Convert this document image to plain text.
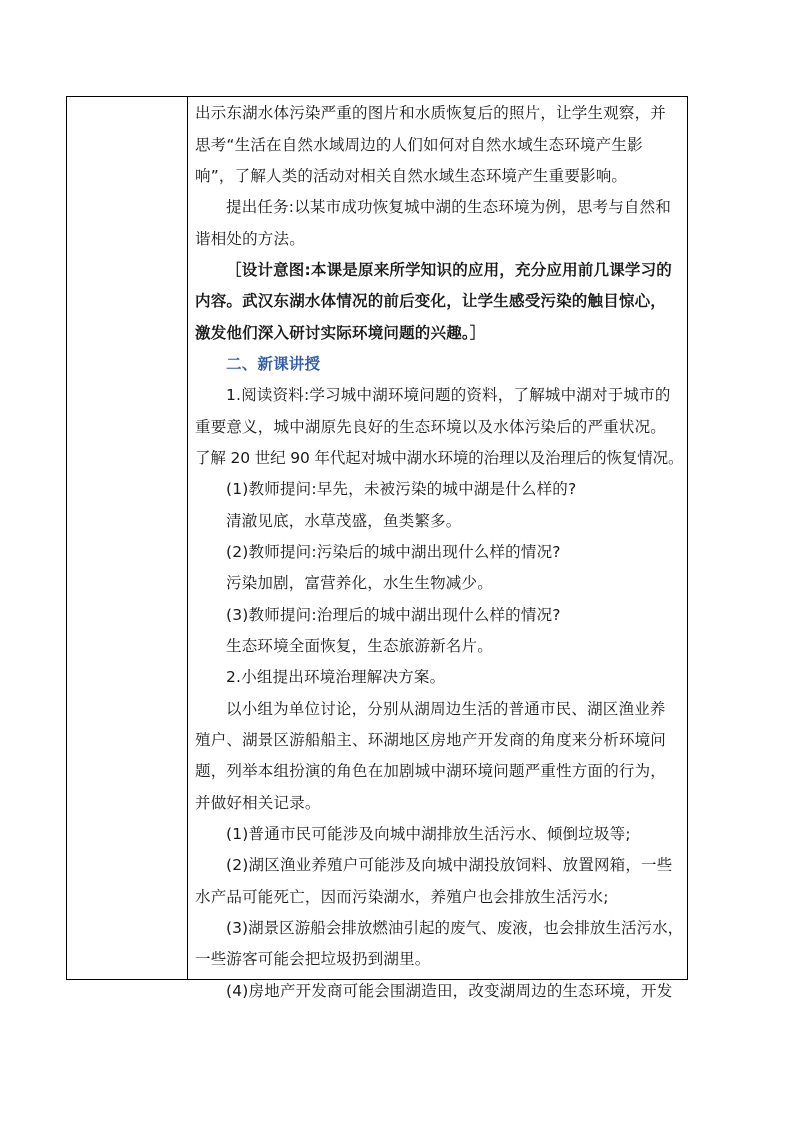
出示东湖水体污染严重的图片和水质恢复后的照片，让学生观察，并
思考“生活在自然水域周边的人们如何对自然水域生态环境产生影
响”，了解人类的活动对相关自然水域生态环境产生重要影响。
提出任务:以某市成功恢复城中湖的生态环境为例，思考与自然和
谐相处的方法。
［设计意图:本课是原来所学知识的应用，充分应用前几课学习的
内容。武汉东湖水体情况的前后变化，让学生感受污染的触目惊心，
激发他们深入研讨实际环境问题的兴趣。］
二、新课讲授
1.阅读资料:学习城中湖环境问题的资料，了解城中湖对于城市的
重要意义，城中湖原先良好的生态环境以及水体污染后的严重状况。
了解 20 世纪 90 年代起对城中湖水环境的治理以及治理后的恢复情况。
(1)教师提问:早先，未被污染的城中湖是什么样的?
清澈见底，水草茂盛，鱼类繁多。
(2)教师提问:污染后的城中湖出现什么样的情况?
污染加剧，富营养化，水生生物减少。
(3)教师提问:治理后的城中湖出现什么样的情况?
生态环境全面恢复，生态旅游新名片。
2.小组提出环境治理解决方案。
以小组为单位讨论，分别从湖周边生活的普通市民、湖区渔业养
殖户、湖景区游船船主、环湖地区房地产开发商的角度来分析环境问
题，列举本组扮演的角色在加剧城中湖环境问题严重性方面的行为，
并做好相关记录。
(1)普通市民可能涉及向城中湖排放生活污水、倾倒垃圾等;
(2)湖区渔业养殖户可能涉及向城中湖投放饲料、放置网箱，一些
水产品可能死亡，因而污染湖水，养殖户也会排放生活污水;
(3)湖景区游船会排放燃油引起的废气、废液，也会排放生活污水，
一些游客可能会把垃圾扔到湖里。
(4)房地产开发商可能会围湖造田，改变湖周边的生态环境，开发
